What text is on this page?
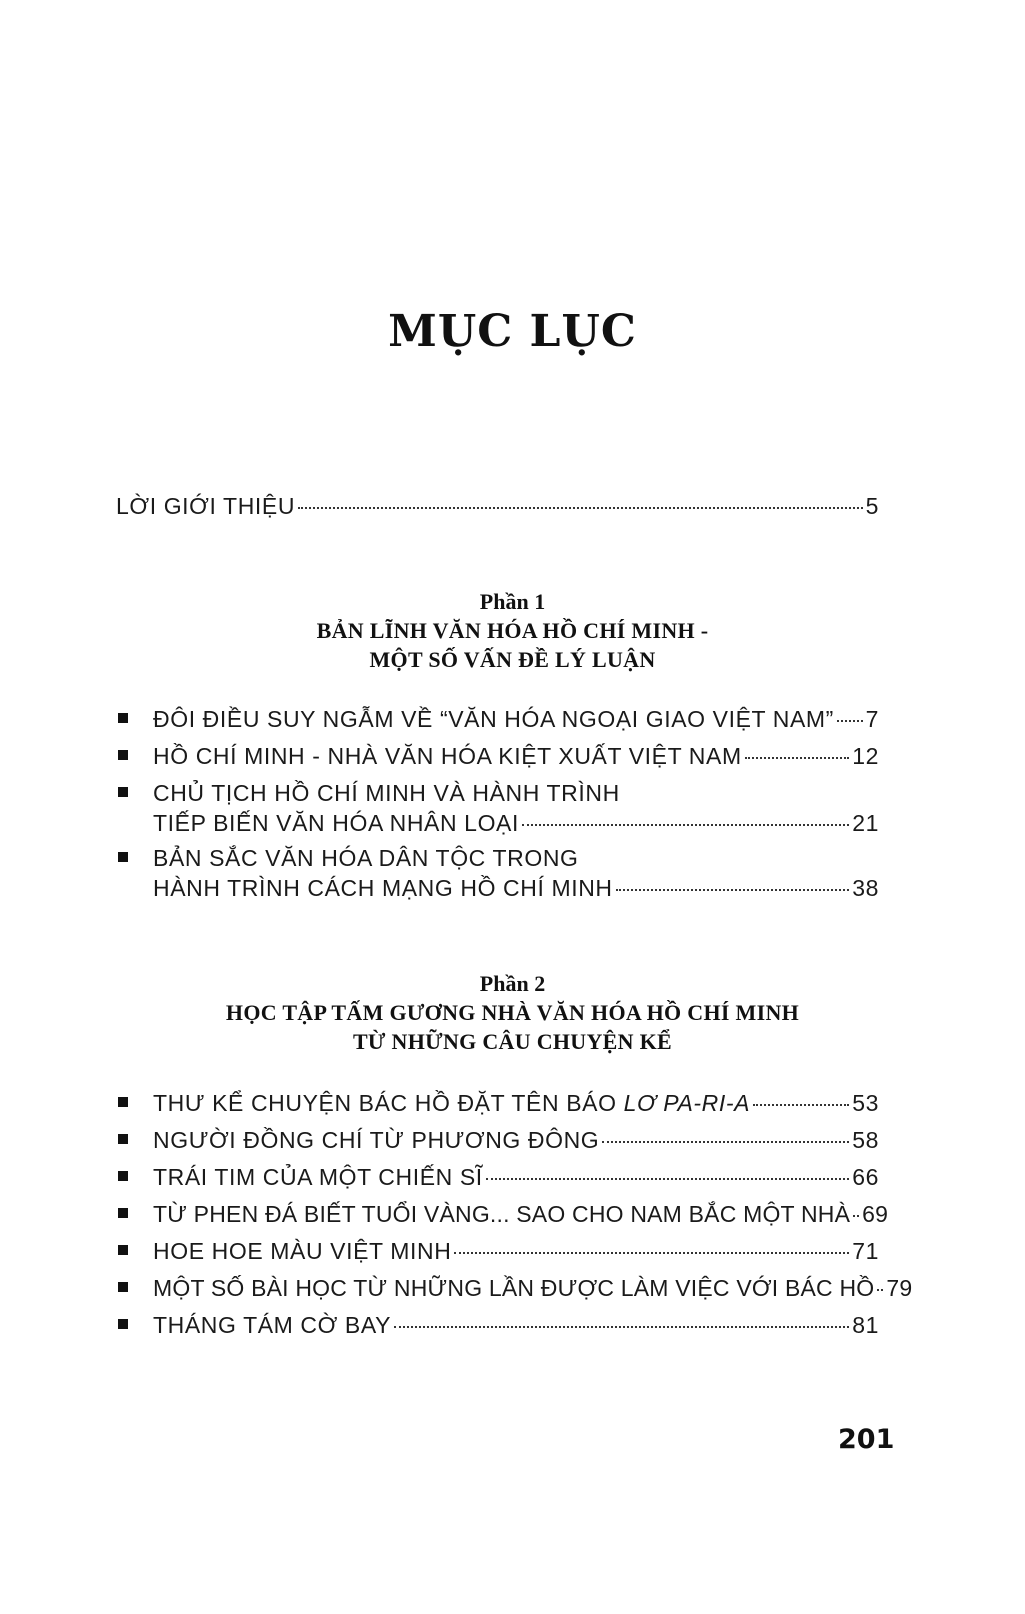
MỤC LỤC
LỜI GIỚI THIỆU	5
Phần 1
BẢN LĨNH VĂN HÓA HỒ CHÍ MINH -
MỘT SỐ VẤN ĐỀ LÝ LUẬN
ĐÔI ĐIỀU SUY NGẪM VỀ “VĂN HÓA NGOẠI GIAO VIỆT NAM” 7
HỒ CHÍ MINH - NHÀ VĂN HÓA KIỆT XUẤT VIỆT NAM	12
CHỦ TỊCH HỒ CHÍ MINH VÀ HÀNH TRÌNH
TIẾP BIẾN VĂN HÓA NHÂN LOẠI	21
BẢN SẮC VĂN HÓA DÂN TỘC TRONG
HÀNH TRÌNH CÁCH MẠNG HỒ CHÍ MINH	38
Phần 2
HỌC TẬP TẤM GƯƠNG NHÀ VĂN HÓA HỒ CHÍ MINH
TỪ NHỮNG CÂU CHUYỆN KỂ
THƯ KỂ CHUYỆN BÁC HỒ ĐẶT TÊN BÁO LƠ PA-RI-A	53
NGƯỜI ĐỒNG CHÍ TỪ PHƯƠNG ĐÔNG	58
TRÁI TIM CỦA MỘT CHIẾN SĨ	66
TỪ PHEN ĐÁ BIẾT TUỔI VÀNG... SAO CHO NAM BẮC MỘT NHÀ 69
HOE HOE MÀU VIỆT MINH	71
MỘT SỐ BÀI HỌC TỪ NHỮNG LẦN ĐƯỢC LÀM VIỆC VỚI BÁC HỒ 79
THÁNG TÁM CỜ BAY	81
201
